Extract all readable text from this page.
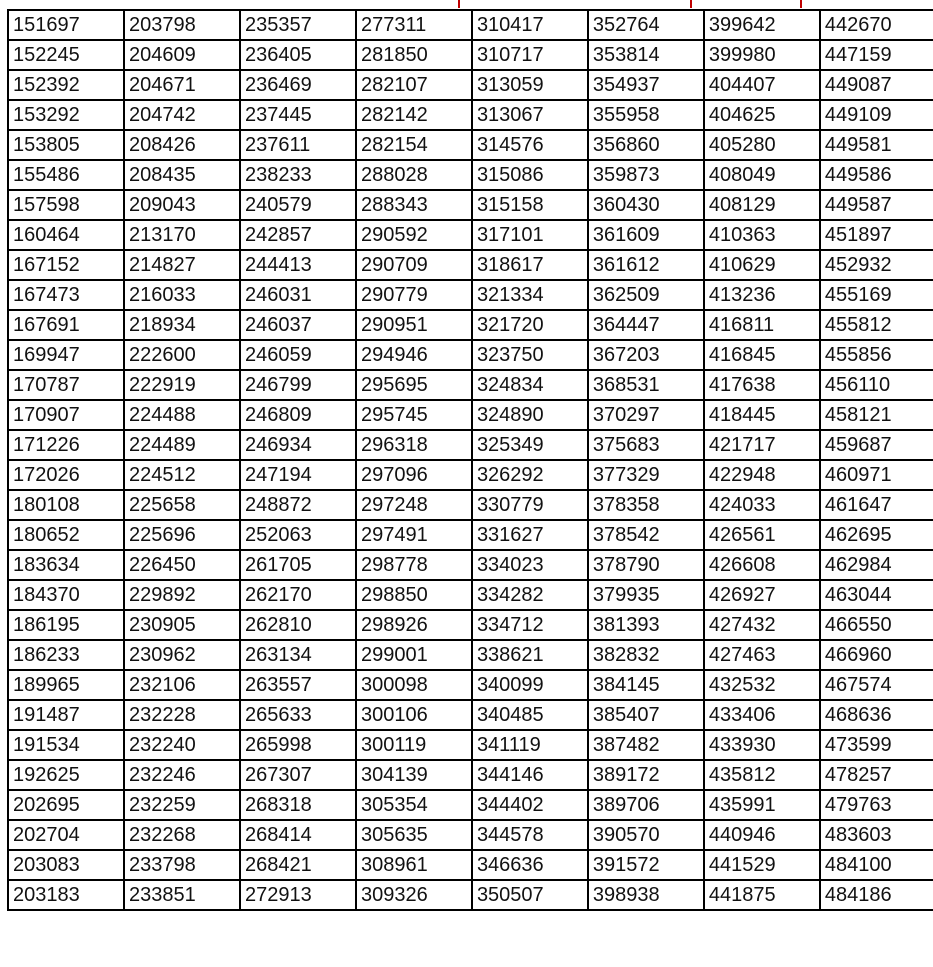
151697	203798	235357	277311	310417	352764	399642	442670
152245	204609	236405	281850	310717	353814	399980	447159
152392	204671	236469	282107	313059	354937	404407	449087
153292	204742	237445	282142	313067	355958	404625	449109
153805	208426	237611	282154	314576	356860	405280	449581
155486	208435	238233	288028	315086	359873	408049	449586
157598	209043	240579	288343	315158	360430	408129	449587
160464	213170	242857	290592	317101	361609	410363	451897
167152	214827	244413	290709	318617	361612	410629	452932
167473	216033	246031	290779	321334	362509	413236	455169
167691	218934	246037	290951	321720	364447	416811	455812
169947	222600	246059	294946	323750	367203	416845	455856
170787	222919	246799	295695	324834	368531	417638	456110
170907	224488	246809	295745	324890	370297	418445	458121
171226	224489	246934	296318	325349	375683	421717	459687
172026	224512	247194	297096	326292	377329	422948	460971
180108	225658	248872	297248	330779	378358	424033	461647
180652	225696	252063	297491	331627	378542	426561	462695
183634	226450	261705	298778	334023	378790	426608	462984
184370	229892	262170	298850	334282	379935	426927	463044
186195	230905	262810	298926	334712	381393	427432	466550
186233	230962	263134	299001	338621	382832	427463	466960
189965	232106	263557	300098	340099	384145	432532	467574
191487	232228	265633	300106	340485	385407	433406	468636
191534	232240	265998	300119	341119	387482	433930	473599
192625	232246	267307	304139	344146	389172	435812	478257
202695	232259	268318	305354	344402	389706	435991	479763
202704	232268	268414	305635	344578	390570	440946	483603
203083	233798	268421	308961	346636	391572	441529	484100
203183	233851	272913	309326	350507	398938	441875	484186
